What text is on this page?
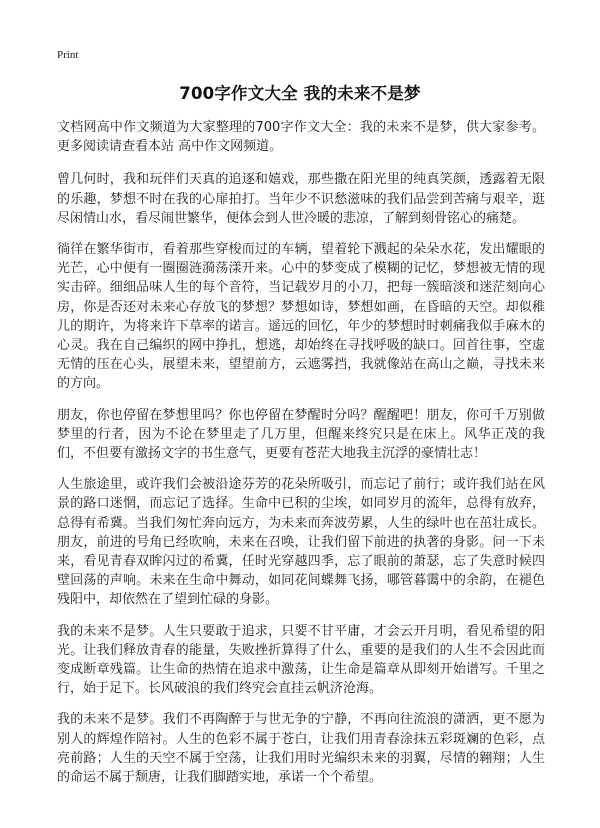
Print
700字作文大全 我的未来不是梦

文档网高中作文频道为大家整理的700字作文大全：我的未来不是梦，供大家参考。更多阅读请查看本站 高中作文网频道。

曾几何时，我和玩伴们天真的追逐和嬉戏，那些撒在阳光里的纯真笑颜，透露着无限的乐趣，梦想不时在我的心扉拍打。当年少不识愁滋味的我们品尝到苦痛与艰辛，逛尽闲情山水，看尽闹世繁华，便体会到人世冷暖的悲凉，了解到刻骨铭心的痛楚。

徜徉在繁华街市，看着那些穿梭而过的车辆，望着轮下溅起的朵朵水花，发出耀眼的光芒，心中便有一圈圈涟漪荡漾开来。心中的梦变成了模糊的记忆，梦想被无情的现实击碎。细细品味人生的每个音符，当记载岁月的小刀，把每一簇暗淡和迷茫刻向心房，你是否还对未来心存放飞的梦想？梦想如诗，梦想如画，在昏暗的天空。却似稚儿的期许，为将来许下草率的诺言。遥远的回忆，年少的梦想时时刺痛我似手麻木的心灵。我在自己编织的网中挣扎，想逃，却始终在寻找呼吸的缺口。回首往事，空虚无情的压在心头，展望未来，望望前方，云遮雾挡，我就像站在高山之巅，寻找未来的方向。

朋友，你也停留在梦想里吗？你也停留在梦醒时分吗？醒醒吧！朋友，你可千万别做梦里的行者，因为不论在梦里走了几万里，但醒来终究只是在床上。风华正茂的我们，不但要有激扬文字的书生意气，更要有苍茫大地我主沉浮的豪情壮志！

人生旅途里，或许我们会被沿途芬芳的花朵所吸引，而忘记了前行；或许我们站在风景的路口迷惘，而忘记了选择。生命中已积的尘埃，如同岁月的流年，总得有放弃，总得有希冀。当我们匆忙奔向远方，为未来而奔波劳累，人生的绿叶也在茁壮成长。朋友，前进的号角已经吹响，未来在召唤，让我们留下前进的执著的身影。问一下未来，看见青春双眸闪过的希冀，任时光穿越四季，忘了眼前的萧瑟，忘了失意时候四壁回荡的声响。未来在生命中舞动，如同花间蝶舞飞扬，哪管暮霭中的余韵，在褪色残阳中，却依然在了望到忙碌的身影。

我的未来不是梦。人生只要敢于追求，只要不甘平庸，才会云开月明，看见希望的阳光。让我们释放青春的能量，失败挫折算得了什么，重要的是我们的人生不会因此而变成断章残篇。让生命的热情在追求中激荡，让生命是篇章从即刻开始谱写。千里之行，始于足下。长风破浪的我们终究会直挂云帆济沧海。

我的未来不是梦。我们不再陶醉于与世无争的宁静，不再向往流浪的潇洒，更不愿为别人的辉煌作陪衬。人生的色彩不属于苍白，让我们用青春涂抹五彩斑斓的色彩，点亮前路；人生的天空不属于空荡，让我们用时光编织未来的羽翼，尽情的翱翔；人生的命运不属于颓唐，让我们脚踏实地，承诺一个个希望。
